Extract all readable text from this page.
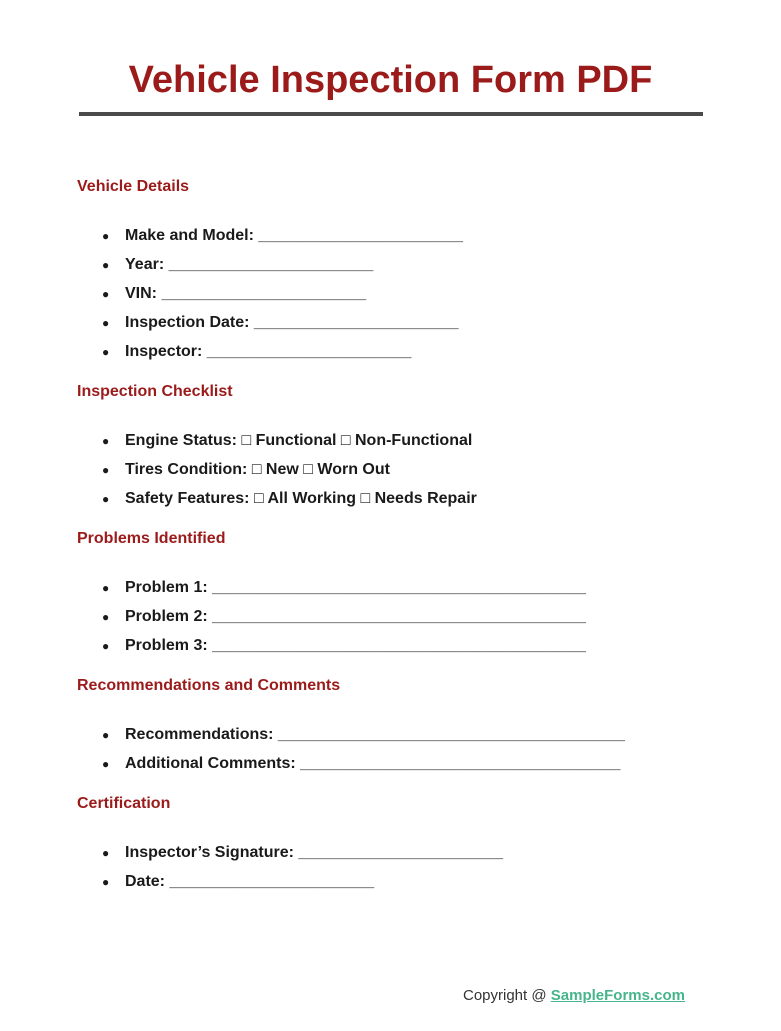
Vehicle Inspection Form PDF
Vehicle Details
● Make and Model: _______________________
● Year: _______________________
● VIN: _______________________
● Inspection Date: _______________________
● Inspector: _______________________
Inspection Checklist
● Engine Status: □ Functional □ Non-Functional
● Tires Condition: □ New □ Worn Out
● Safety Features: □ All Working □ Needs Repair
Problems Identified
● Problem 1: __________________________________________
● Problem 2: __________________________________________
● Problem 3: __________________________________________
Recommendations and Comments
● Recommendations: _______________________________________
● Additional Comments: ____________________________________
Certification
● Inspector’s Signature: _______________________
● Date: _______________________
Copyright @ SampleForms.com
